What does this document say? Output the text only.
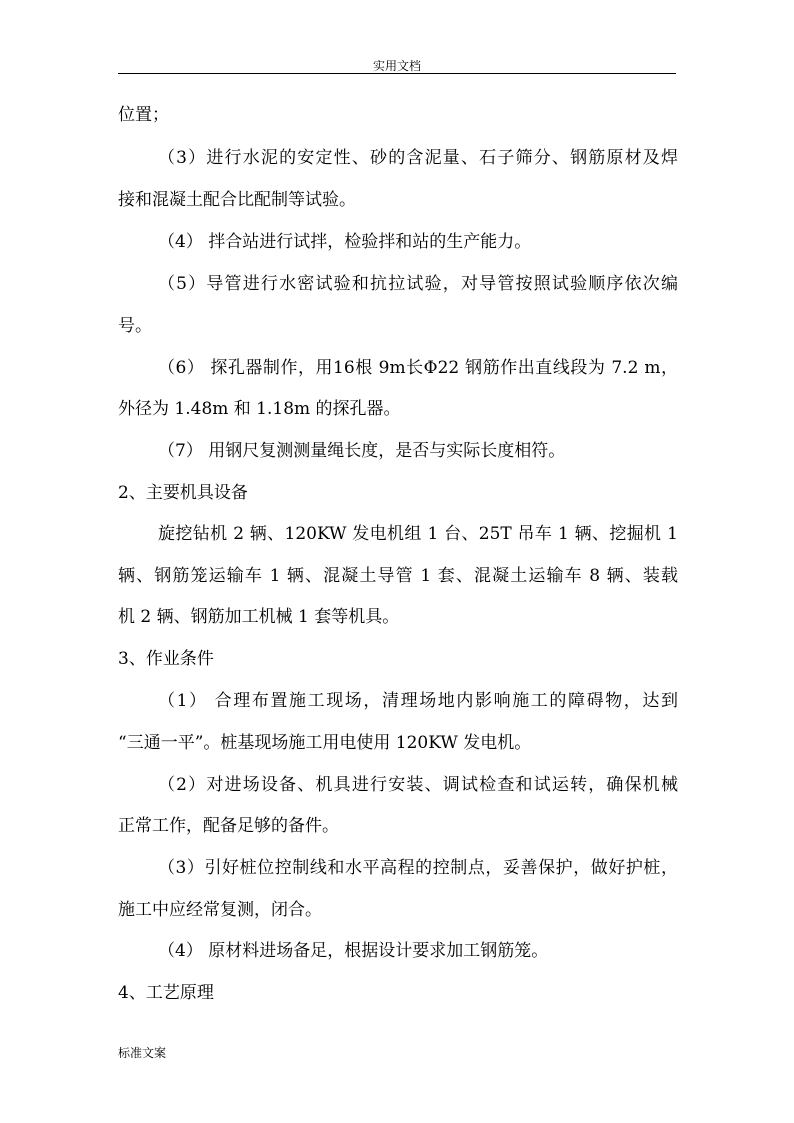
实用文档
位置；
（3）进行水泥的安定性、砂的含泥量、石子筛分、钢筋原材及焊
接和混凝土配合比配制等试验。
（4） 拌合站进行试拌，检验拌和站的生产能力。
（5）导管进行水密试验和抗拉试验，对导管按照试验顺序依次编
号。
（6） 探孔器制作，用16根 9m长Φ22 钢筋作出直线段为 7.2 m，
外径为 1.48m 和 1.18m 的探孔器。
（7） 用钢尺复测测量绳长度，是否与实际长度相符。
2、主要机具设备
旋挖钻机 2 辆、120KW 发电机组 1 台、25T 吊车 1 辆、挖掘机 1
辆、钢筋笼运输车 1 辆、混凝土导管 1 套、混凝土运输车 8 辆、装载
机 2 辆、钢筋加工机械 1 套等机具。
3、作业条件
（1） 合理布置施工现场，清理场地内影响施工的障碍物，达到
“三通一平”。桩基现场施工用电使用 120KW 发电机。
（2）对进场设备、机具进行安装、调试检查和试运转，确保机械
正常工作，配备足够的备件。
（3）引好桩位控制线和水平高程的控制点，妥善保护，做好护桩，
施工中应经常复测，闭合。
（4） 原材料进场备足，根据设计要求加工钢筋笼。
4、工艺原理
标准文案
